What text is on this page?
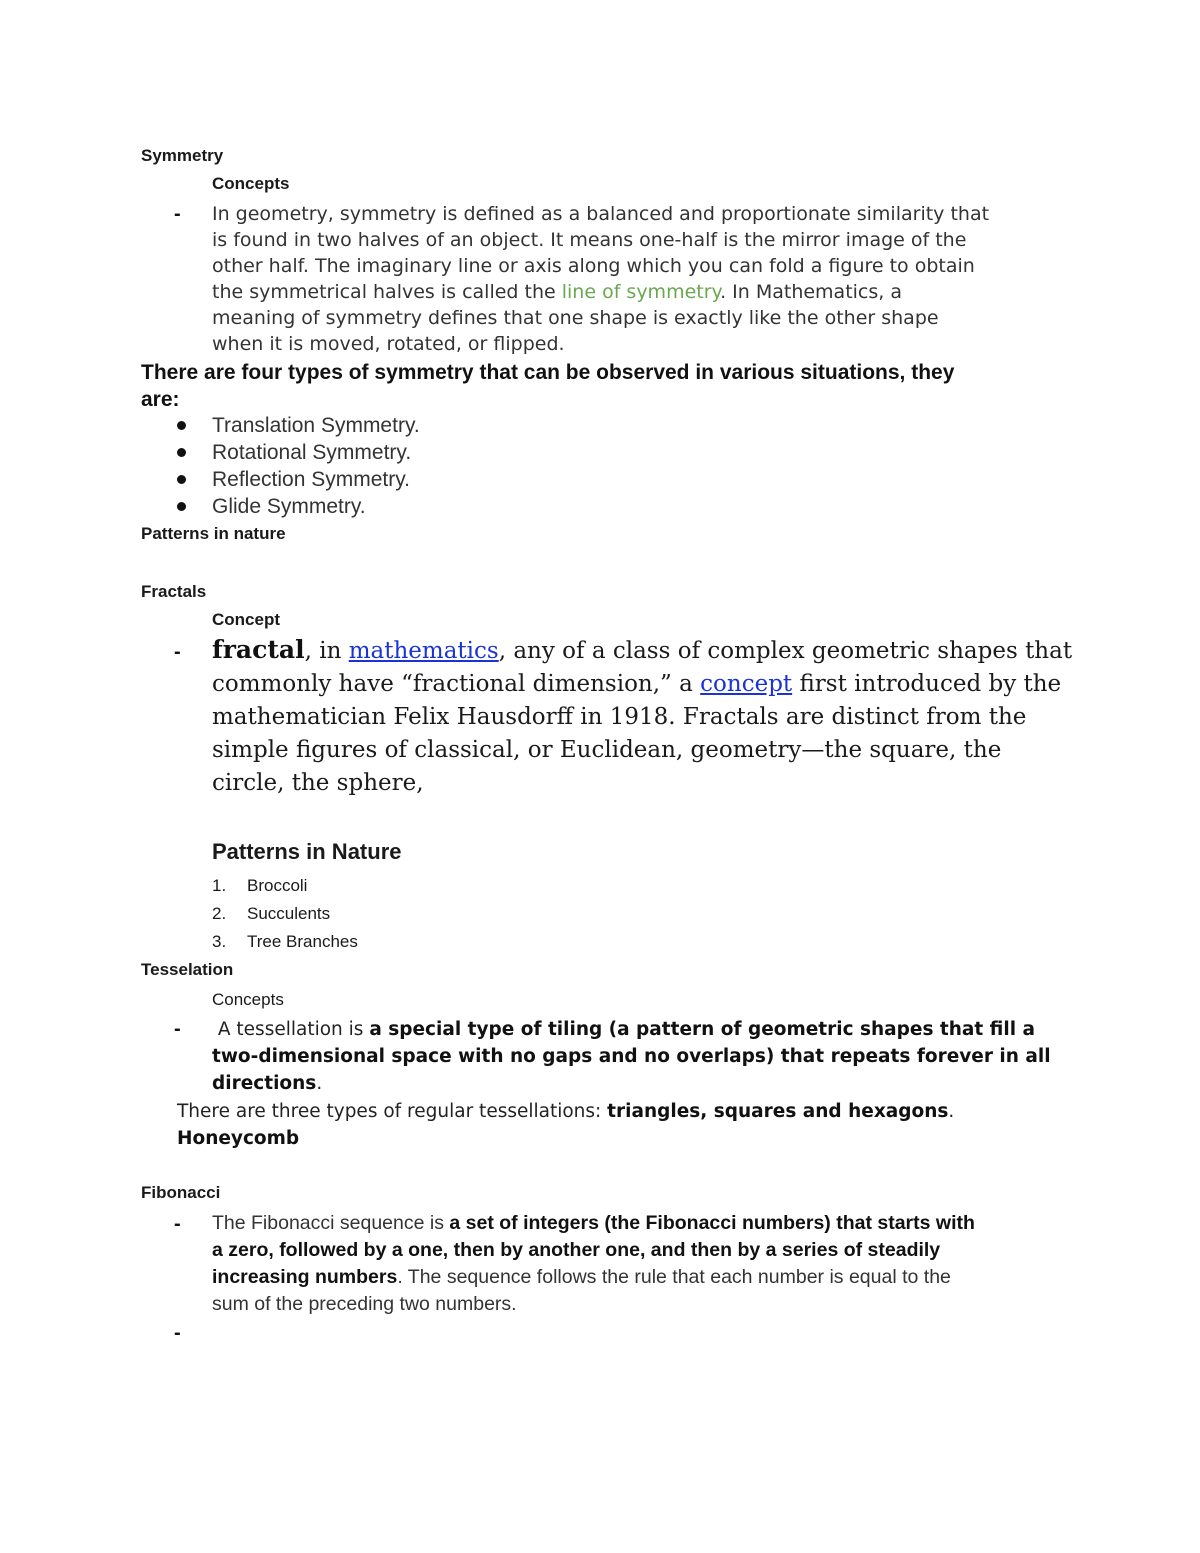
Symmetry
Concepts
- In geometry, symmetry is defined as a balanced and proportionate similarity that
is found in two halves of an object. It means one-half is the mirror image of the
other half. The imaginary line or axis along which you can fold a figure to obtain
the symmetrical halves is called the line of symmetry. In Mathematics, a
meaning of symmetry defines that one shape is exactly like the other shape
when it is moved, rotated, or flipped.
There are four types of symmetry that can be observed in various situations, they
are:
Translation Symmetry.
Rotational Symmetry.
Reflection Symmetry.
Glide Symmetry.
Patterns in nature
Fractals
Concept
- fractal, in mathematics, any of a class of complex geometric shapes that
commonly have “fractional dimension,” a concept first introduced by the
mathematician Felix Hausdorff in 1918. Fractals are distinct from the
simple figures of classical, or Euclidean, geometry—the square, the
circle, the sphere,
Patterns in Nature
1. Broccoli
2. Succulents
3. Tree Branches
Tesselation
Concepts
-	A tessellation is a special type of tiling (a pattern of geometric shapes that fill a
two-dimensional space with no gaps and no overlaps) that repeats forever in all
directions.
There are three types of regular tessellations: triangles, squares and hexagons.
Honeycomb
Fibonacci
- The Fibonacci sequence is a set of integers (the Fibonacci numbers) that starts with
a zero, followed by a one, then by another one, and then by a series of steadily
increasing numbers. The sequence follows the rule that each number is equal to the
sum of the preceding two numbers.
-
